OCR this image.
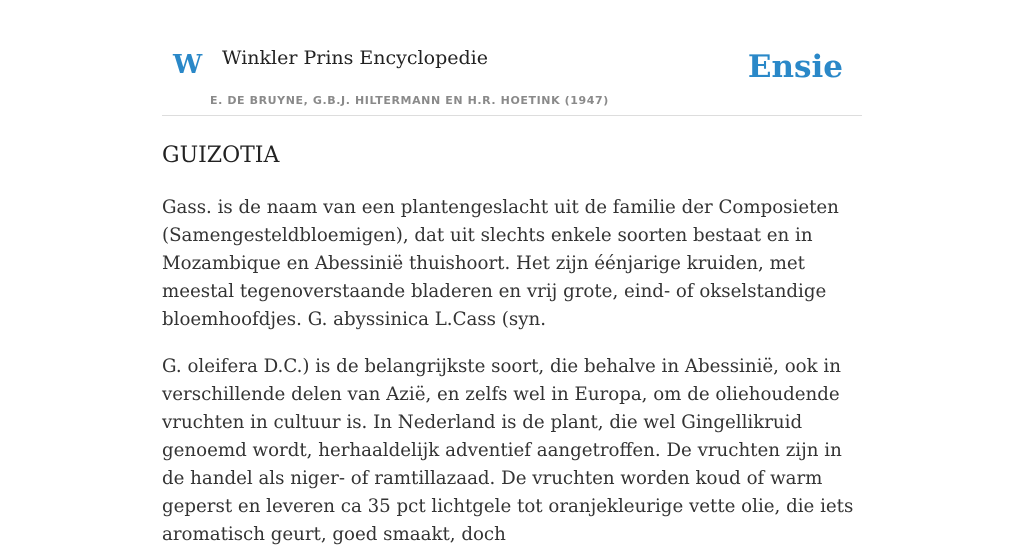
W Winkler Prins Encyclopedie
E. DE BRUYNE, G.B.J. HILTERMANN EN H.R. HOETINK (1947)
Ensie
GUIZOTIA

Gass. is de naam van een plantengeslacht uit de familie der Composieten (Samengesteldbloemigen), dat uit slechts enkele soorten bestaat en in Mozambique en Abessinië thuishoort. Het zijn éénjarige kruiden, met meestal tegenoverstaande bladeren en vrij grote, eind- of okselstandige bloemhoofdjes. G. abyssinica L.Cass (syn.

G. oleifera D.C.) is de belangrijkste soort, die behalve in Abessinië, ook in verschillende delen van Azië, en zelfs wel in Europa, om de oliehoudende vruchten in cultuur is. In Nederland is de plant, die wel Gingellikruid genoemd wordt, herhaaldelijk adventief aangetroffen. De vruchten zijn in de handel als niger- of ramtillazaad. De vruchten worden koud of warm geperst en leveren ca 35 pct lichtgele tot oranjekleurige vette olie, die iets aromatisch geurt, goed smaakt, doch
